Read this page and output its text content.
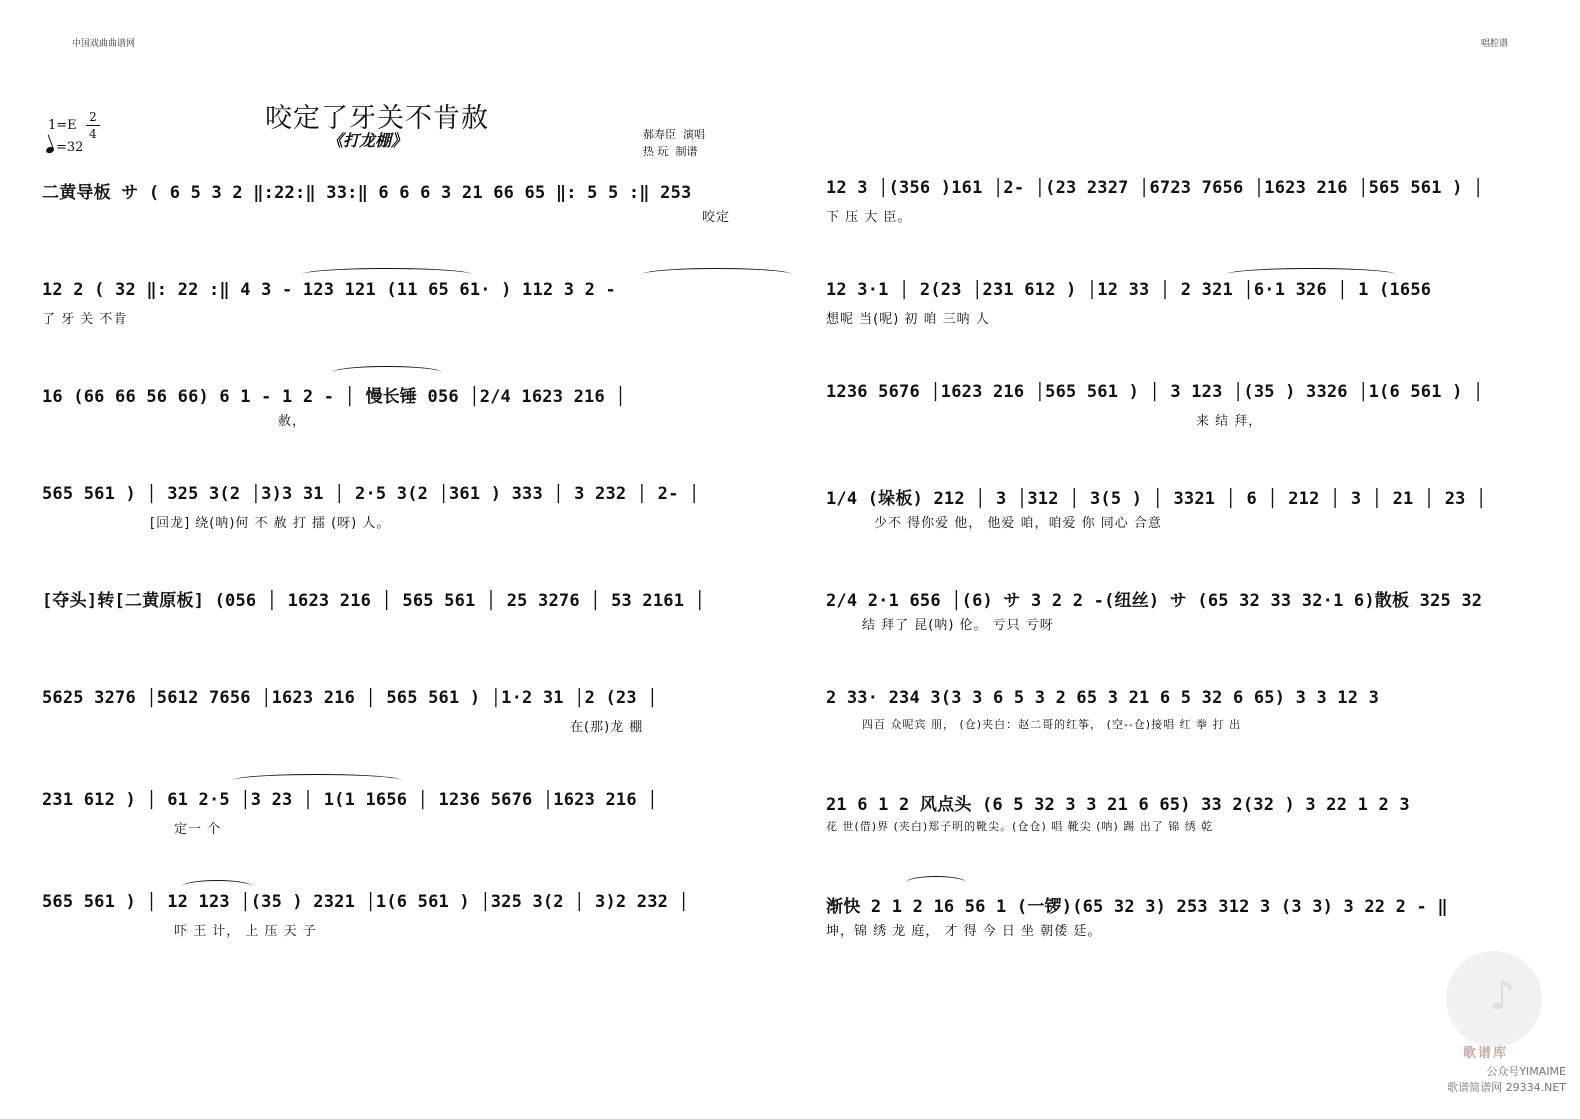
中国戏曲曲谱网	唱腔谱
1=E
2
4
=32
咬定了牙关不肯赦
《打龙棚》	郝寿臣 演唱
热 玩 制谱
二黄导板 サ ( 6 5 3 2 ‖:22:‖ 33:‖ 6 6 6 3 21 66 65 ‖: 5 5 :‖ 253
咬定
12 2 ( 32 ‖: 22 :‖ 4 3 - 123 121 (11 65 61· ) 112 3 2 -
了 牙 关 不肯
16 (66 66 56 66) 6 1 - 1 2 - │ 慢长锤 056 │2/4 1623 216 │
赦，
565 561 ) │ 325 3(2 │3)3 31 │ 2·5 3(2 │361 ) 333 │ 3 232 │ 2- │
[回龙] 绕(呐)何 不 赦 打 擂 (呀) 人。
[夺头]转[二黄原板] (056 │ 1623 216 │ 565 561 │ 25 3276 │ 53 2161 │
5625 3276 │5612 7656 │1623 216 │ 565 561 ) │1·2 31 │2 (23 │
在(那)龙 棚
231 612 ) │ 61 2·5 │3 23 │ 1(1 1656 │ 1236 5676 │1623 216 │
定一 个
565 561 ) │ 12 123 │(35 ) 2321 │1(6 561 ) │325 3(2 │ 3)2 232 │
吓 王 计， 上 压 天 子
12 3 │(356 )161 │2- │(23 2327 │6723 7656 │1623 216 │565 561 ) │
下 压 大 臣。
12 3·1 │ 2(23 │231 612 ) │12 33 │ 2 321 │6·1 326 │ 1 (1656
想呢 当(呢) 初 咱 三呐 人
1236 5676 │1623 216 │565 561 ) │ 3 123 │(35 ) 3326 │1(6 561 ) │
来 结 拜，
1/4 (垛板) 212 │ 3 │312 │ 3(5 ) │ 3321 │ 6 │ 212 │ 3 │ 21 │ 23 │
少不 得你爱 他， 他爱 咱，咱爱 你 同心 合意
2/4 2·1 656 │(6) サ 3 2 2 -(纽丝) サ (65 32 33 32·1 6)散板 325 32
结 拜了 昆(呐) 伦。 亏只 亏呀
2 33· 234 3(3 3 6 5 3 2 65 3 21 6 5 32 6 65) 3 3 12 3
四百 众呢宾 朋， (仓)夹白：赵二哥的红筝， (空--仓)接唱 红 拳 打 出
21 6 1 2 风点头 (6 5 32 3 3 21 6 65) 33 2(32 ) 3 22 1 2 3
花 世(借)界 (夹白)郑子明的靴尖。(仓仓) 唱 靴尖 (呐) 踢 出了 锦 绣 乾
渐快 2 1 2 16 56 1 (一锣)(65 32 3) 253 312 3 (3 3) 3 22 2 - ‖
坤，锦 绣 龙 庭， 才 得 今 日 坐 朝倭 廷。
♪
歌谱库
公众号YIMAIME
歌谱简谱网 29334.NET
